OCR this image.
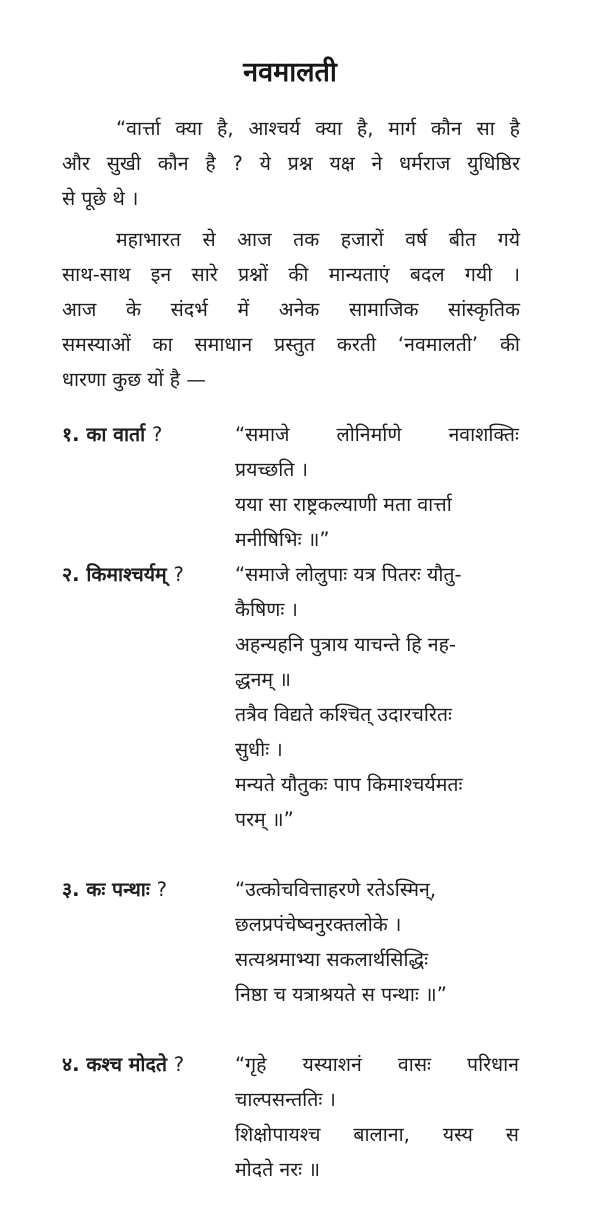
नवमालती
“वार्त्ता क्या है, आश्चर्य क्या है, मार्ग कौन सा है
और सुखी कौन है ? ये प्रश्न यक्ष ने धर्मराज युधिष्ठिर
से पूछे थे ।
महाभारत से आज तक हजारों वर्ष बीत गये
साथ-साथ इन सारे प्रश्नों की मान्यताएं बदल गयी ।
आज के संदर्भ में अनेक सामाजिक सांस्कृतिक
समस्याओं का समाधान प्रस्तुत करती ‘नवमालती’ की
धारणा कुछ यों है —
१. का वार्ता ?	“समाजे लोनिर्माणे नवाशक्तिः
प्रयच्छति ।
यया सा राष्ट्रकल्याणी मता वार्त्ता
मनीषिभिः ॥”
२. किमाश्चर्यम् ?	“समाजे लोलुपाः यत्र पितरः यौतु-
कैषिणः ।
अहन्यहनि पुत्राय याचन्ते हि नह-
द्धनम् ॥
तत्रैव विद्यते कश्चित् उदारचरितः
सुधीः ।
मन्यते यौतुकः पाप किमाश्चर्यमतः
परम् ॥”
३. कः पन्थाः ?	“उत्कोचवित्ताहरणे रतेऽस्मिन्,
छलप्रपंचेष्वनुरक्तलोके ।
सत्यश्रमाभ्या सकलार्थसिद्धिः
निष्ठा च यत्राश्रयते स पन्थाः ॥”
४. कश्च मोदते ?	“गृहे यस्याशनं वासः परिधान
चाल्पसन्ततिः ।
शिक्षोपायश्च बालाना, यस्य स
मोदते नरः ॥
